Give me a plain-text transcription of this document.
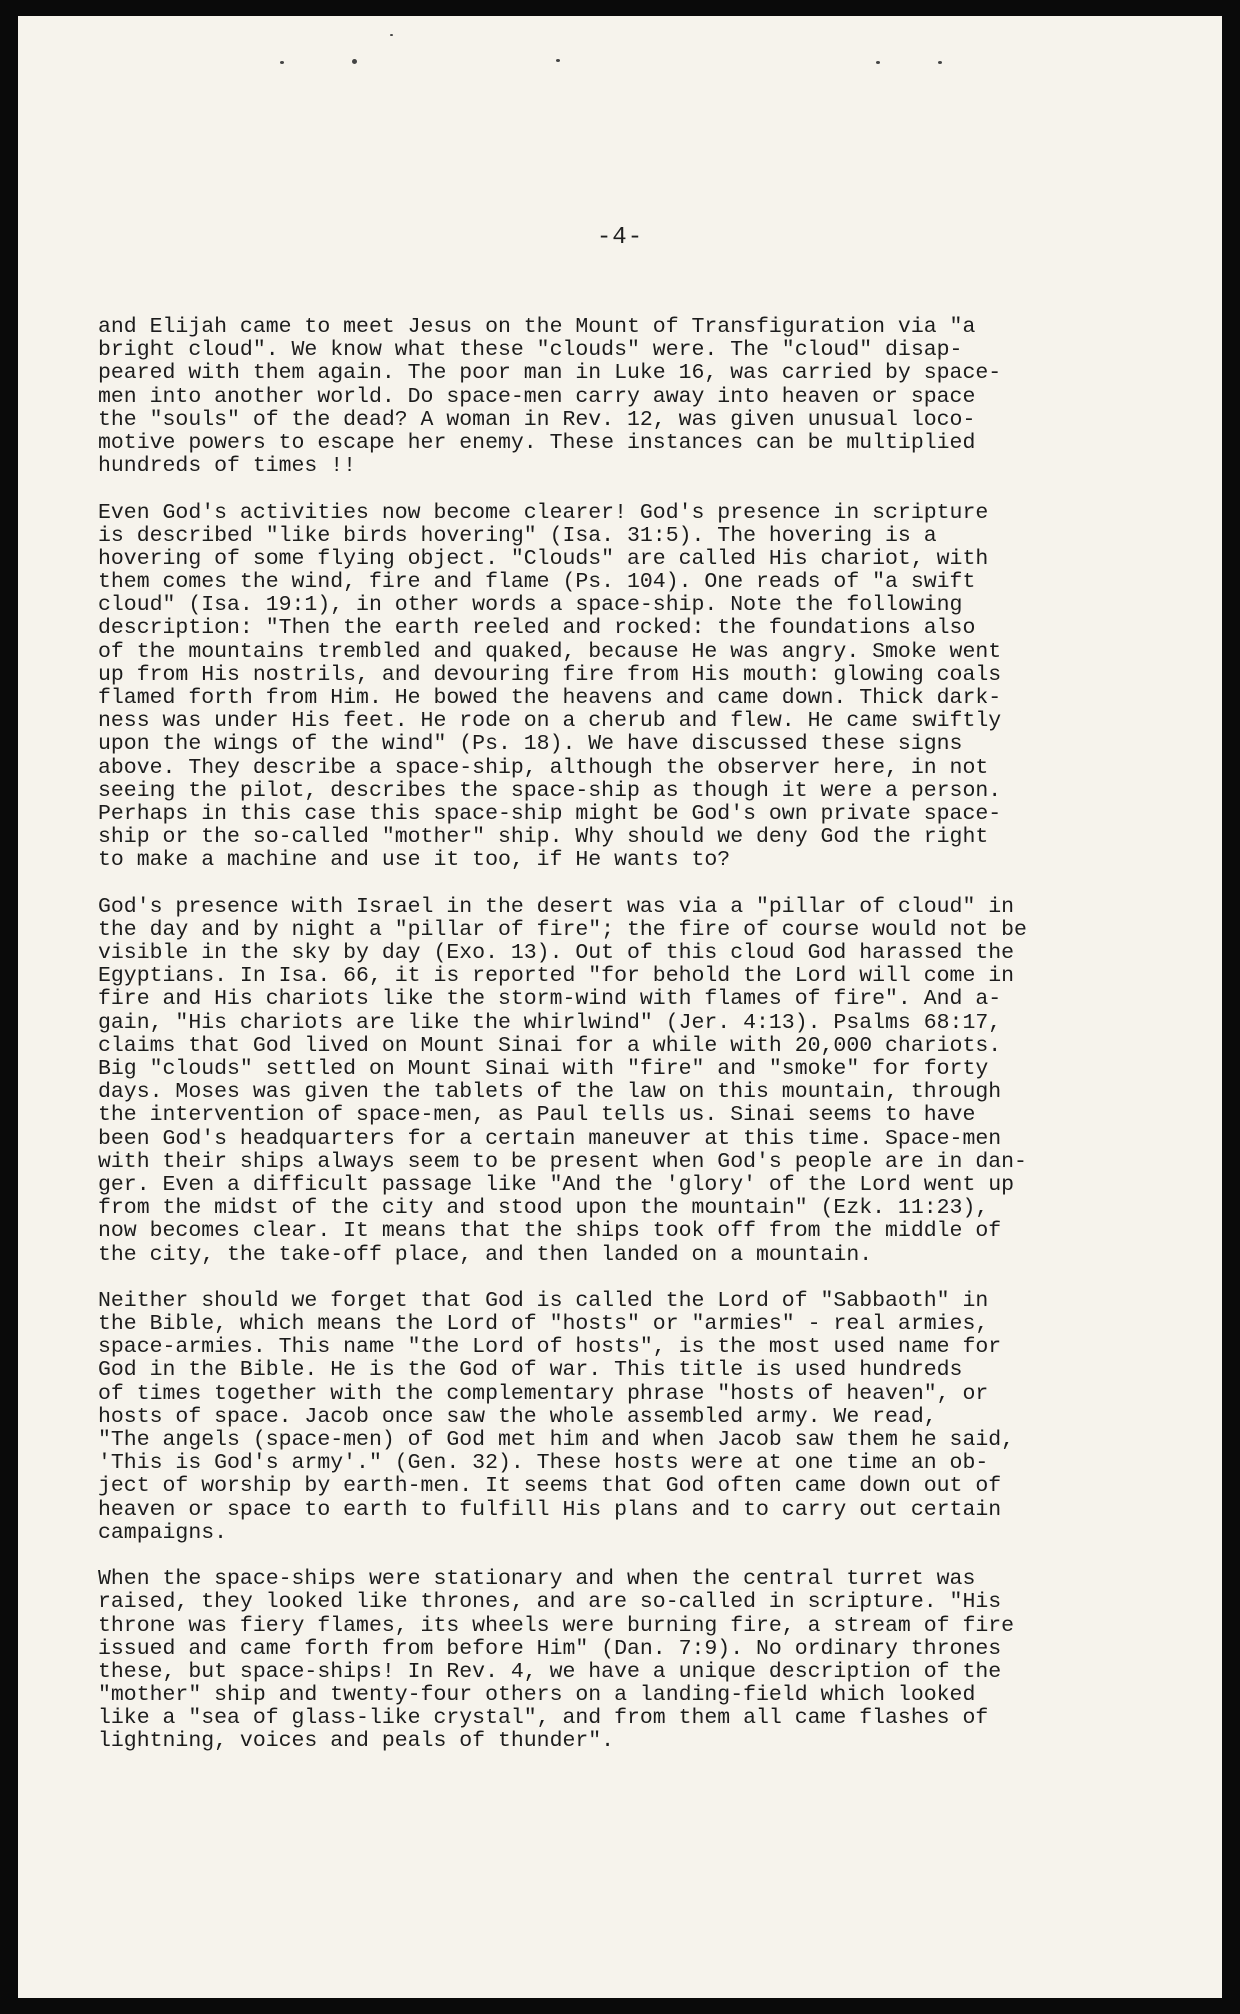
-4-
and Elijah came to meet Jesus on the Mount of Transfiguration via "a
bright cloud". We know what these "clouds" were. The "cloud" disap-
peared with them again. The poor man in Luke 16, was carried by space-
men into another world. Do space-men carry away into heaven or space
the "souls" of the dead? A woman in Rev. 12, was given unusual loco-
motive powers to escape her enemy. These instances can be multiplied
hundreds of times !!
Even God's activities now become clearer! God's presence in scripture
is described "like birds hovering" (Isa. 31:5). The hovering is a
hovering of some flying object. "Clouds" are called His chariot, with
them comes the wind, fire and flame (Ps. 104). One reads of "a swift
cloud" (Isa. 19:1), in other words a space-ship. Note the following
description: "Then the earth reeled and rocked: the foundations also
of the mountains trembled and quaked, because He was angry. Smoke went
up from His nostrils, and devouring fire from His mouth: glowing coals
flamed forth from Him. He bowed the heavens and came down. Thick dark-
ness was under His feet. He rode on a cherub and flew. He came swiftly
upon the wings of the wind" (Ps. 18). We have discussed these signs
above. They describe a space-ship, although the observer here, in not
seeing the pilot, describes the space-ship as though it were a person.
Perhaps in this case this space-ship might be God's own private space-
ship or the so-called "mother" ship. Why should we deny God the right
to make a machine and use it too, if He wants to?
God's presence with Israel in the desert was via a "pillar of cloud" in
the day and by night a "pillar of fire"; the fire of course would not be
visible in the sky by day (Exo. 13). Out of this cloud God harassed the
Egyptians. In Isa. 66, it is reported "for behold the Lord will come in
fire and His chariots like the storm-wind with flames of fire". And a-
gain, "His chariots are like the whirlwind" (Jer. 4:13). Psalms 68:17,
claims that God lived on Mount Sinai for a while with 20,000 chariots.
Big "clouds" settled on Mount Sinai with "fire" and "smoke" for forty
days. Moses was given the tablets of the law on this mountain, through
the intervention of space-men, as Paul tells us. Sinai seems to have
been God's headquarters for a certain maneuver at this time. Space-men
with their ships always seem to be present when God's people are in dan-
ger. Even a difficult passage like "And the 'glory' of the Lord went up
from the midst of the city and stood upon the mountain" (Ezk. 11:23),
now becomes clear. It means that the ships took off from the middle of
the city, the take-off place, and then landed on a mountain.
Neither should we forget that God is called the Lord of "Sabbaoth" in
the Bible, which means the Lord of "hosts" or "armies" - real armies,
space-armies. This name "the Lord of hosts", is the most used name for
God in the Bible. He is the God of war. This title is used hundreds
of times together with the complementary phrase "hosts of heaven", or
hosts of space. Jacob once saw the whole assembled army. We read,
"The angels (space-men) of God met him and when Jacob saw them he said,
'This is God's army'." (Gen. 32). These hosts were at one time an ob-
ject of worship by earth-men. It seems that God often came down out of
heaven or space to earth to fulfill His plans and to carry out certain
campaigns.
When the space-ships were stationary and when the central turret was
raised, they looked like thrones, and are so-called in scripture. "His
throne was fiery flames, its wheels were burning fire, a stream of fire
issued and came forth from before Him" (Dan. 7:9). No ordinary thrones
these, but space-ships! In Rev. 4, we have a unique description of the
"mother" ship and twenty-four others on a landing-field which looked
like a "sea of glass-like crystal", and from them all came flashes of
lightning, voices and peals of thunder".
